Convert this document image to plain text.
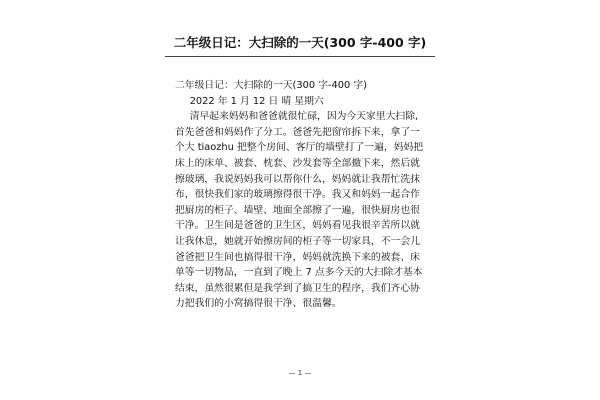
二年级日记：大扫除的一天(300 字-400 字)
二年级日记：大扫除的一天(300 字-400 字)
2022 年 1 月 12 日 晴 星期六
清早起来妈妈和爸爸就很忙碌，因为今天家里大扫除,
首先爸爸和妈妈作了分工。爸爸先把窗帘拆下来，拿了一
个大 tiaozhu 把整个房间、客厅的墙壁打了一遍，妈妈把
床上的床单、被套、枕套、沙发套等全部撤下来，然后就
擦玻璃，我说妈妈我可以帮你什么，妈妈就让我帮忙洗抹
布，很快我们家的玻璃擦得很干净。我又和妈妈一起合作
把厨房的柜子、墙壁、地面全部擦了一遍，很快厨房也很
干净。卫生间是爸爸的卫生区，妈妈看见我很辛苦所以就
让我休息，她就开始擦房间的柜子等一切家具，不一会儿
爸爸把卫生间也搞得很干净，妈妈就洗换下来的被套、床
单等一切物品，一直到了晚上 7 点多今天的大扫除才基本
结束，虽然很累但是我学到了搞卫生的程序，我们齐心协
力把我们的小窝搞得很干净、很温馨。
— 1 —
